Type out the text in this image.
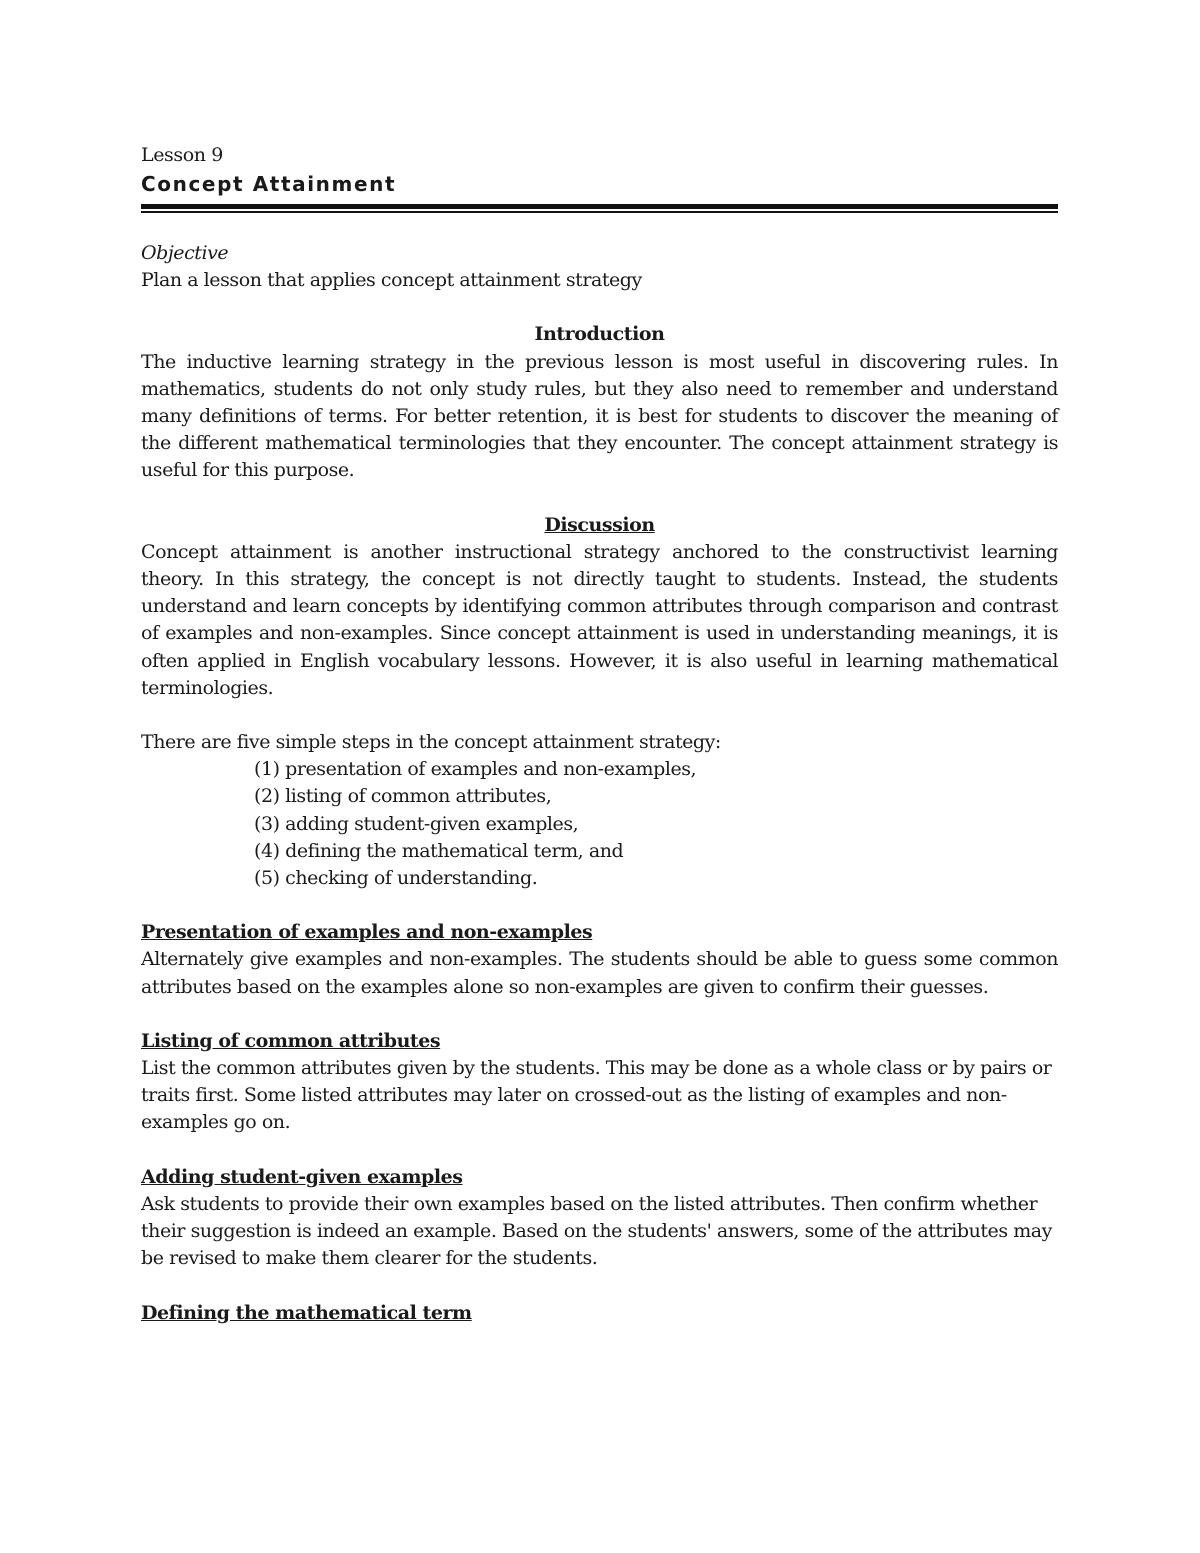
Lesson 9
Concept Attainment

Objective

Plan a lesson that applies concept attainment strategy

Introduction

The inductive learning strategy in the previous lesson is most useful in discovering rules. In mathematics, students do not only study rules, but they also need to remember and understand many definitions of terms. For better retention, it is best for students to discover the meaning of the different mathematical terminologies that they encounter. The concept attainment strategy is useful for this purpose.

Discussion

Concept attainment is another instructional strategy anchored to the constructivist learning theory. In this strategy, the concept is not directly taught to students. Instead, the students understand and learn concepts by identifying common attributes through comparison and contrast of examples and non-examples. Since concept attainment is used in understanding meanings, it is often applied in English vocabulary lessons. However, it is also useful in learning mathematical terminologies.

There are five simple steps in the concept attainment strategy:

(1) presentation of examples and non-examples,
(2) listing of common attributes,
(3) adding student-given examples,
(4) defining the mathematical term, and
(5) checking of understanding.

Presentation of examples and non-examples

Alternately give examples and non-examples. The students should be able to guess some common attributes based on the examples alone so non-examples are given to confirm their guesses.

Listing of common attributes

List the common attributes given by the students. This may be done as a whole class or by pairs or traits first. Some listed attributes may later on crossed-out as the listing of examples and non-examples go on.

Adding student-given examples

Ask students to provide their own examples based on the listed attributes. Then confirm whether their suggestion is indeed an example. Based on the students' answers, some of the attributes may be revised to make them clearer for the students.

Defining the mathematical term
